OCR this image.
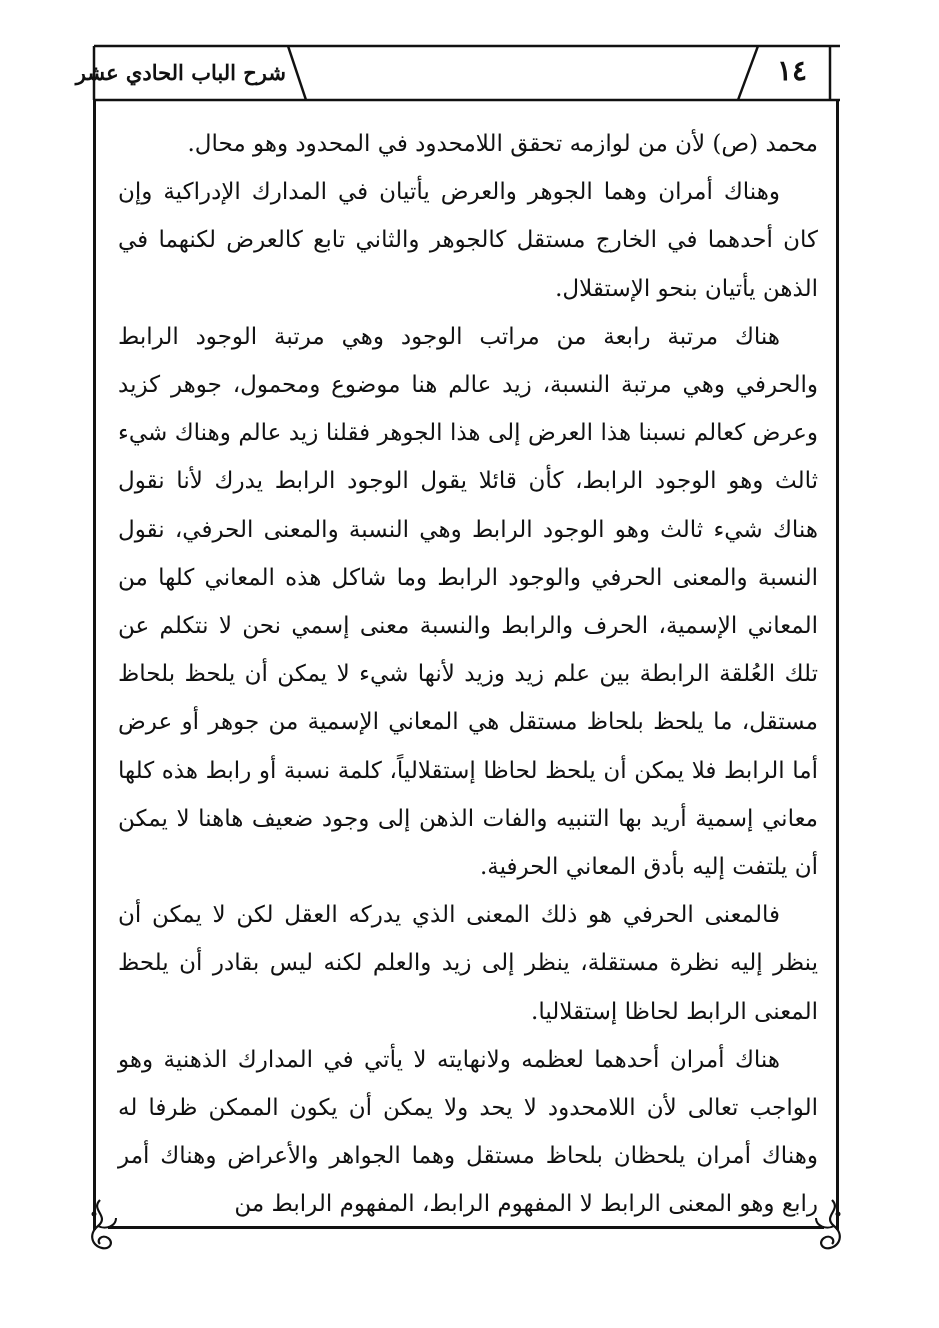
شرح الباب الحادي عشر	١٤

محمد (ص) لأن من لوازمه تحقق اللامحدود في المحدود وهو محال.

وهناك أمران وهما الجوهر والعرض يأتيان في المدارك الإدراكية وإن كان أحدهما في الخارج مستقل كالجوهر والثاني تابع كالعرض لكنهما في الذهن يأتيان بنحو الإستقلال.

هناك مرتبة رابعة من مراتب الوجود وهي مرتبة الوجود الرابط والحرفي وهي مرتبة النسبة، زيد عالم هنا موضوع ومحمول، جوهر كزيد وعرض كعالم نسبنا هذا العرض إلى هذا الجوهر فقلنا زيد عالم وهناك شيء ثالث وهو الوجود الرابط، كأن قائلا يقول الوجود الرابط يدرك لأنا نقول هناك شيء ثالث وهو الوجود الرابط وهي النسبة والمعنى الحرفي، نقول النسبة والمعنى الحرفي والوجود الرابط وما شاكل هذه المعاني كلها من المعاني الإسمية، الحرف والرابط والنسبة معنى إسمي نحن لا نتكلم عن تلك العُلقة الرابطة بين علم زيد وزيد لأنها شيء لا يمكن أن يلحظ بلحاظ مستقل، ما يلحظ بلحاظ مستقل هي المعاني الإسمية من جوهر أو عرض أما الرابط فلا يمكن أن يلحظ لحاظا إستقلالياً، كلمة نسبة أو رابط هذه كلها معاني إسمية أريد بها التنبيه والفات الذهن إلى وجود ضعيف هاهنا لا يمكن أن يلتفت إليه بأدق المعاني الحرفية.

فالمعنى الحرفي هو ذلك المعنى الذي يدركه العقل لكن لا يمكن أن ينظر إليه نظرة مستقلة، ينظر إلى زيد والعلم لكنه ليس بقادر أن يلحظ المعنى الرابط لحاظا إستقلاليا.

هناك أمران أحدهما لعظمه ولانهايته لا يأتي في المدارك الذهنية وهو الواجب تعالى لأن اللامحدود لا يحد ولا يمكن أن يكون الممكن ظرفا له وهناك أمران يلحظان بلحاظ مستقل وهما الجواهر والأعراض وهناك أمر رابع وهو المعنى الرابط لا المفهوم الرابط، المفهوم الرابط من
